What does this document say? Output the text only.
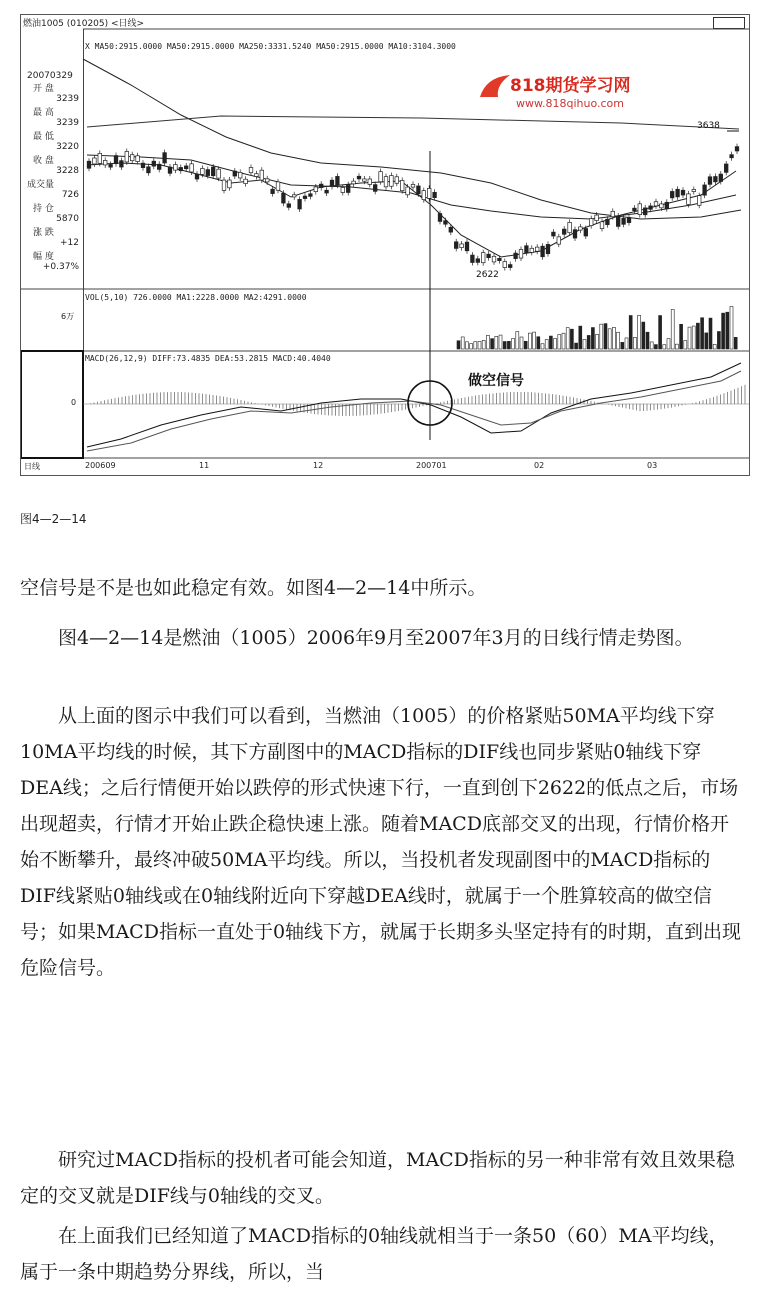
燃油1005 (010205) <日线>
20070329
开 盘
3239
最 高
3239
最 低
3220
收 盘
3228
成交量
726
持 仓
5870
涨 跌
+12
幅 度
+0.37%
X MA50:2915.0000 MA50:2915.0000 MA250:3331.5240 MA50:2915.0000 MA10:3104.3000
VOL(5,10) 726.0000 MA1:2228.0000 MA2:4291.0000
MACD(26,12,9) DIFF:73.4835 DEA:53.2815 MACD:40.4040
6万
0
2622
3638
做空信号
818期货学习网
www.818qihuo.com
日线	200609	11	12	200701	02	03
图4—2—14
空信号是不是也如此稳定有效。如图4—2—14中所示。
图4—2—14是燃油（1005）2006年9月至2007年3月的日线行情走势图。
从上面的图示中我们可以看到，当燃油（1005）的价格紧贴50MA平均线下穿10MA平均线的时候，其下方副图中的MACD指标的DIF线也同步紧贴0轴线下穿DEA线；之后行情便开始以跌停的形式快速下行，一直到创下2622的低点之后，市场出现超卖，行情才开始止跌企稳快速上涨。随着MACD底部交叉的出现，行情价格开始不断攀升，最终冲破50MA平均线。所以，当投机者发现副图中的MACD指标的DIF线紧贴0轴线或在0轴线附近向下穿越DEA线时，就属于一个胜算较高的做空信号；如果MACD指标一直处于0轴线下方，就属于长期多头坚定持有的时期，直到出现危险信号。
研究过MACD指标的投机者可能会知道，MACD指标的另一种非常有效且效果稳定的交叉就是DIF线与0轴线的交叉。
在上面我们已经知道了MACD指标的0轴线就相当于一条50（60）MA平均线，属于一条中期趋势分界线，所以，当
